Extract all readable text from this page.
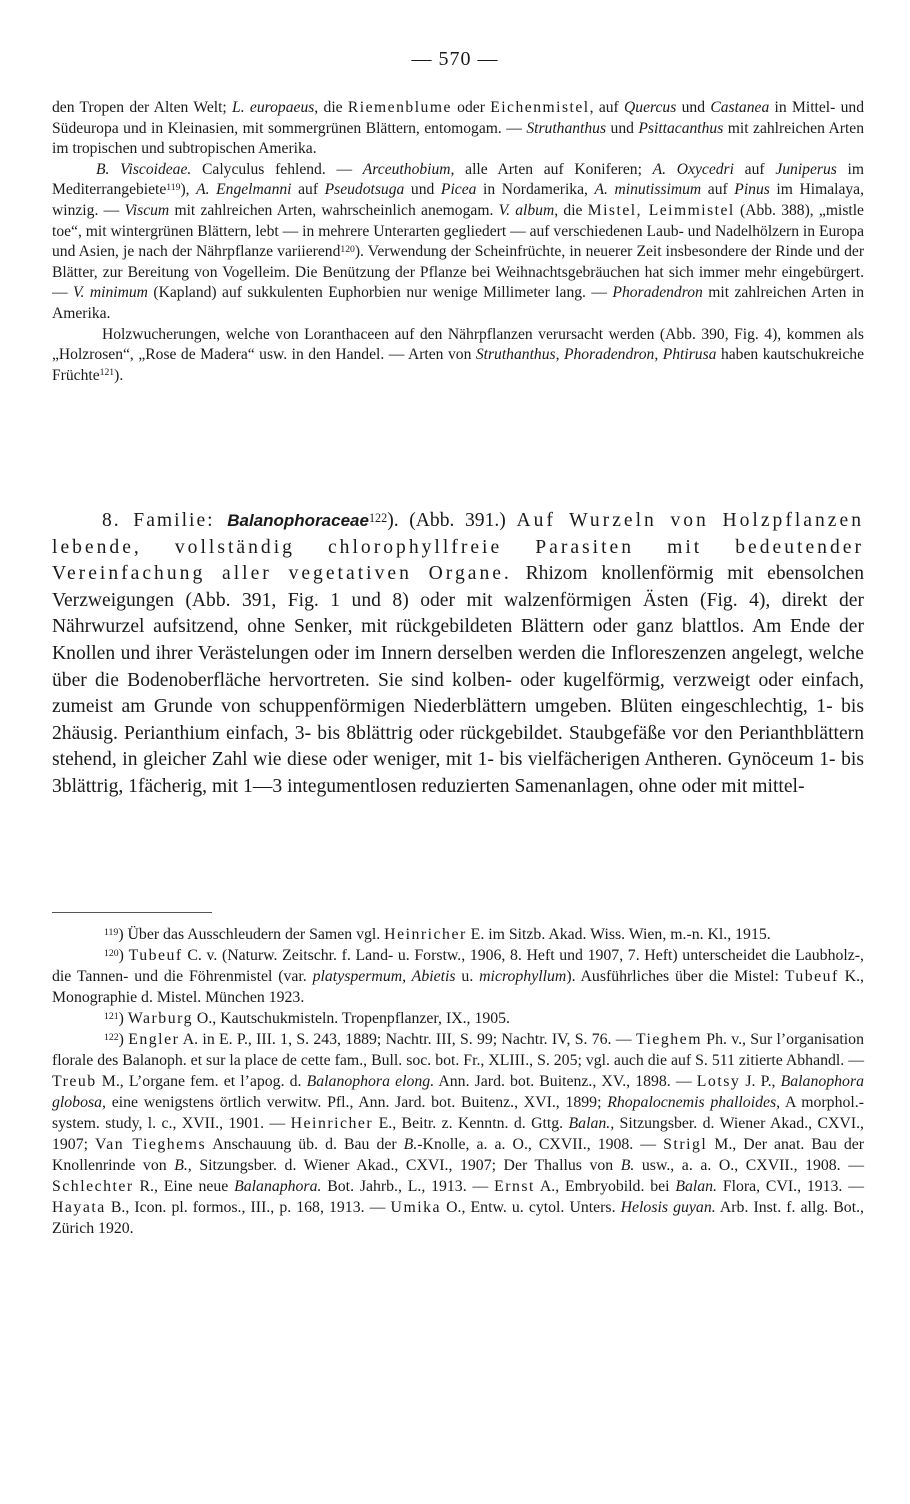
— 570 —

den Tropen der Alten Welt; L. europaeus, die Riemenblume oder Eichenmistel, auf Quercus und Castanea in Mittel- und Südeuropa und in Kleinasien, mit sommergrünen Blättern, entomogam. — Struthanthus und Psittacanthus mit zahlreichen Arten im tropischen und subtropischen Amerika.

B. Viscoideae. Calyculus fehlend. — Arceuthobium, alle Arten auf Koniferen; A. Oxycedri auf Juniperus im Mediterrangebiete$^{119}$), A. Engelmanni auf Pseudotsuga und Picea in Nordamerika, A. minutissimum auf Pinus im Himalaya, winzig. — Viscum mit zahlreichen Arten, wahrscheinlich anemogam. V. album, die Mistel, Leimmistel (Abb. 388), „mistle toe“, mit wintergrünen Blättern, lebt — in mehrere Unterarten gegliedert — auf verschiedenen Laub- und Nadelhölzern in Europa und Asien, je nach der Nährpflanze variierend$^{120}$). Verwendung der Scheinfrüchte, in neuerer Zeit insbesondere der Rinde und der Blätter, zur Bereitung von Vogelleim. Die Benützung der Pflanze bei Weihnachtsgebräuchen hat sich immer mehr eingebürgert. — V. minimum (Kapland) auf sukkulenten Euphorbien nur wenige Millimeter lang. — Phoradendron mit zahlreichen Arten in Amerika.

Holzwucherungen, welche von Loranthaceen auf den Nährpflanzen verursacht werden (Abb. 390, Fig. 4), kommen als „Holzrosen“, „Rose de Madera“ usw. in den Handel. — Arten von Struthanthus, Phoradendron, Phtirusa haben kautschukreiche Früchte$^{121}$).

8. Familie: Balanophoraceae$^{122}$). (Abb. 391.) Auf Wurzeln von Holzpflanzen lebende, vollständig chlorophyllfreie Parasiten mit bedeutender Vereinfachung aller vegetativen Organe. Rhizom knollenförmig mit ebensolchen Verzweigungen (Abb. 391, Fig. 1 und 8) oder mit walzenförmigen Ästen (Fig. 4), direkt der Nährwurzel aufsitzend, ohne Senker, mit rückgebildeten Blättern oder ganz blattlos. Am Ende der Knollen und ihrer Verästelungen oder im Innern derselben werden die Infloreszenzen angelegt, welche über die Bodenoberfläche hervortreten. Sie sind kolben- oder kugelförmig, verzweigt oder einfach, zumeist am Grunde von schuppenförmigen Niederblättern umgeben. Blüten eingeschlechtig, 1- bis 2häusig. Perianthium einfach, 3- bis 8blättrig oder rückgebildet. Staubgefäße vor den Perianthblättern stehend, in gleicher Zahl wie diese oder weniger, mit 1- bis vielfächerigen Antheren. Gynöceum 1- bis 3blättrig, 1fächerig, mit 1—3 integumentlosen reduzierten Samenanlagen, ohne oder mit mittel-

$^{119}$) Über das Ausschleudern der Samen vgl. Heinricher E. im Sitzb. Akad. Wiss. Wien, m.-n. Kl., 1915.

$^{120}$) Tubeuf C. v. (Naturw. Zeitschr. f. Land- u. Forstw., 1906, 8. Heft und 1907, 7. Heft) unterscheidet die Laubholz-, die Tannen- und die Föhrenmistel (var. platyspermum, Abietis u. microphyllum). Ausführliches über die Mistel: Tubeuf K., Monographie d. Mistel. München 1923.

$^{121}$) Warburg O., Kautschukmisteln. Tropenpflanzer, IX., 1905.

$^{122}$) Engler A. in E. P., III. 1, S. 243, 1889; Nachtr. III, S. 99; Nachtr. IV, S. 76. — Tieghem Ph. v., Sur l’organisation florale des Balanoph. et sur la place de cette fam., Bull. soc. bot. Fr., XLIII., S. 205; vgl. auch die auf S. 511 zitierte Abhandl. — Treub M., L’organe fem. et l’apog. d. Balanophora elong. Ann. Jard. bot. Buitenz., XV., 1898. — Lotsy J. P., Balanophora globosa, eine wenigstens örtlich verwitw. Pfl., Ann. Jard. bot. Buitenz., XVI., 1899; Rhopalocnemis phalloides, A morphol.-system. study, l. c., XVII., 1901. — Heinricher E., Beitr. z. Kenntn. d. Gttg. Balan., Sitzungsber. d. Wiener Akad., CXVI., 1907; Van Tieghems Anschauung üb. d. Bau der B.-Knolle, a. a. O., CXVII., 1908. — Strigl M., Der anat. Bau der Knollenrinde von B., Sitzungsber. d. Wiener Akad., CXVI., 1907; Der Thallus von B. usw., a. a. O., CXVII., 1908. — Schlechter R., Eine neue Balanaphora. Bot. Jahrb., L., 1913. — Ernst A., Embryobild. bei Balan. Flora, CVI., 1913. — Hayata B., Icon. pl. formos., III., p. 168, 1913. — Umika O., Entw. u. cytol. Unters. Helosis guyan. Arb. Inst. f. allg. Bot., Zürich 1920.
